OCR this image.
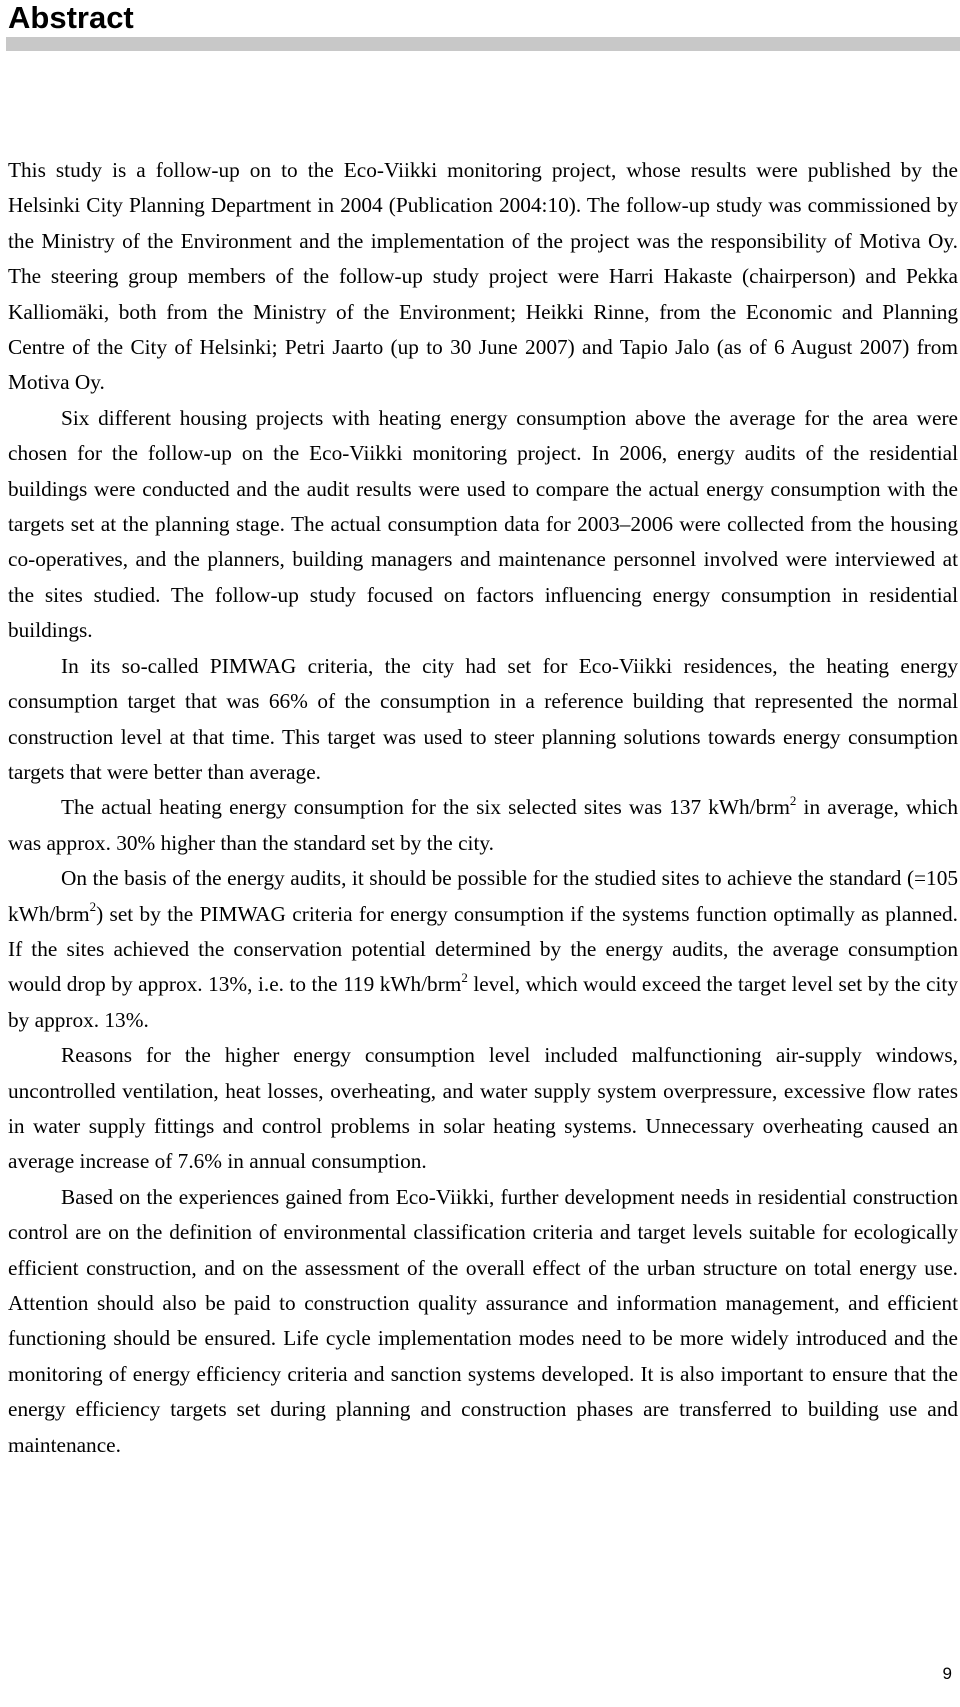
Abstract

This study is a follow-up on to the Eco-Viikki monitoring project, whose results were published by the Helsinki City Planning Department in 2004 (Publication 2004:10). The follow-up study was commissioned by the Ministry of the Environment and the implementation of the project was the responsibility of Motiva Oy. The steering group members of the follow-up study project were Harri Hakaste (chairperson) and Pekka Kalliomäki, both from the Ministry of the Environment; Heikki Rinne, from the Economic and Planning Centre of the City of Helsinki; Petri Jaarto (up to 30 June 2007) and Tapio Jalo (as of 6 August 2007) from Motiva Oy.

Six different housing projects with heating energy consumption above the average for the area were chosen for the follow-up on the Eco-Viikki monitoring project. In 2006, energy audits of the residential buildings were conducted and the audit results were used to compare the actual energy consumption with the targets set at the planning stage. The actual consumption data for 2003–2006 were collected from the housing co-operatives, and the planners, building managers and maintenance personnel involved were interviewed at the sites studied. The follow-up study focused on factors influencing energy consumption in residential buildings.

In its so-called PIMWAG criteria, the city had set for Eco-Viikki residences, the heating energy consumption target that was 66% of the consumption in a reference building that represented the normal construction level at that time. This target was used to steer planning solutions towards energy consumption targets that were better than average.

The actual heating energy consumption for the six selected sites was 137 kWh/brm$^2$ in average, which was approx. 30% higher than the standard set by the city.

On the basis of the energy audits, it should be possible for the studied sites to achieve the standard (=105 kWh/brm$^2$) set by the PIMWAG criteria for energy consumption if the systems function optimally as planned. If the sites achieved the conservation potential determined by the energy audits, the average consumption would drop by approx. 13%, i.e. to the 119 kWh/brm$^2$ level, which would exceed the target level set by the city by approx. 13%.

Reasons for the higher energy consumption level included malfunctioning air-supply windows, uncontrolled ventilation, heat losses, overheating, and water supply system overpressure, excessive flow rates in water supply fittings and control problems in solar heating systems. Unnecessary overheating caused an average increase of 7.6% in annual consumption.

Based on the experiences gained from Eco-Viikki, further development needs in residential construction control are on the definition of environmental classification criteria and target levels suitable for ecologically efficient construction, and on the assessment of the overall effect of the urban structure on total energy use. Attention should also be paid to construction quality assurance and information management, and efficient functioning should be ensured. Life cycle implementation modes need to be more widely introduced and the monitoring of energy efficiency criteria and sanction systems developed. It is also important to ensure that the energy efficiency targets set during planning and construction phases are transferred to building use and maintenance.

9
